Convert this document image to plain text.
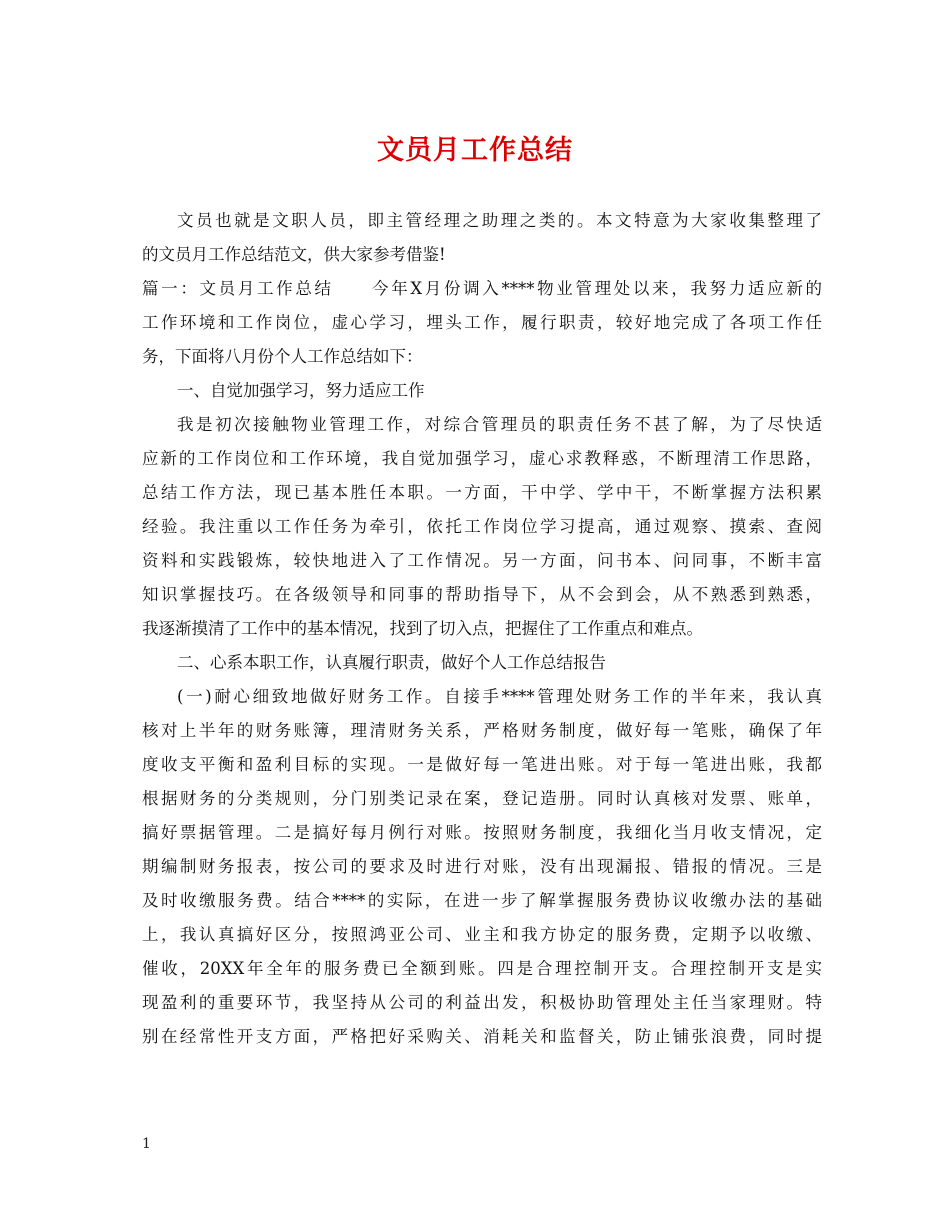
文员月工作总结
文员也就是文职人员，即主管经理之助理之类的。本文特意为大家收集整理了
的文员月工作总结范文，供大家参考借鉴!
篇一：文员月工作总结　　今年X月份调入****物业管理处以来，我努力适应新的
工作环境和工作岗位，虚心学习，埋头工作，履行职责，较好地完成了各项工作任
务，下面将八月份个人工作总结如下：
一、自觉加强学习，努力适应工作
我是初次接触物业管理工作，对综合管理员的职责任务不甚了解，为了尽快适
应新的工作岗位和工作环境，我自觉加强学习，虚心求教释惑，不断理清工作思路，
总结工作方法，现已基本胜任本职。一方面，干中学、学中干，不断掌握方法积累
经验。我注重以工作任务为牵引，依托工作岗位学习提高，通过观察、摸索、查阅
资料和实践锻炼，较快地进入了工作情况。另一方面，问书本、问同事，不断丰富
知识掌握技巧。在各级领导和同事的帮助指导下，从不会到会，从不熟悉到熟悉，
我逐渐摸清了工作中的基本情况，找到了切入点，把握住了工作重点和难点。
二、心系本职工作，认真履行职责，做好个人工作总结报告
(一)耐心细致地做好财务工作。自接手****管理处财务工作的半年来，我认真
核对上半年的财务账簿，理清财务关系，严格财务制度，做好每一笔账，确保了年
度收支平衡和盈利目标的实现。一是做好每一笔进出账。对于每一笔进出账，我都
根据财务的分类规则，分门别类记录在案，登记造册。同时认真核对发票、账单，
搞好票据管理。二是搞好每月例行对账。按照财务制度，我细化当月收支情况，定
期编制财务报表，按公司的要求及时进行对账，没有出现漏报、错报的情况。三是
及时收缴服务费。结合****的实际，在进一步了解掌握服务费协议收缴办法的基础
上，我认真搞好区分，按照鸿亚公司、业主和我方协定的服务费，定期予以收缴、
催收，20XX年全年的服务费已全额到账。四是合理控制开支。合理控制开支是实
现盈利的重要环节，我坚持从公司的利益出发，积极协助管理处主任当家理财。特
别在经常性开支方面，严格把好采购关、消耗关和监督关，防止铺张浪费，同时提
1
